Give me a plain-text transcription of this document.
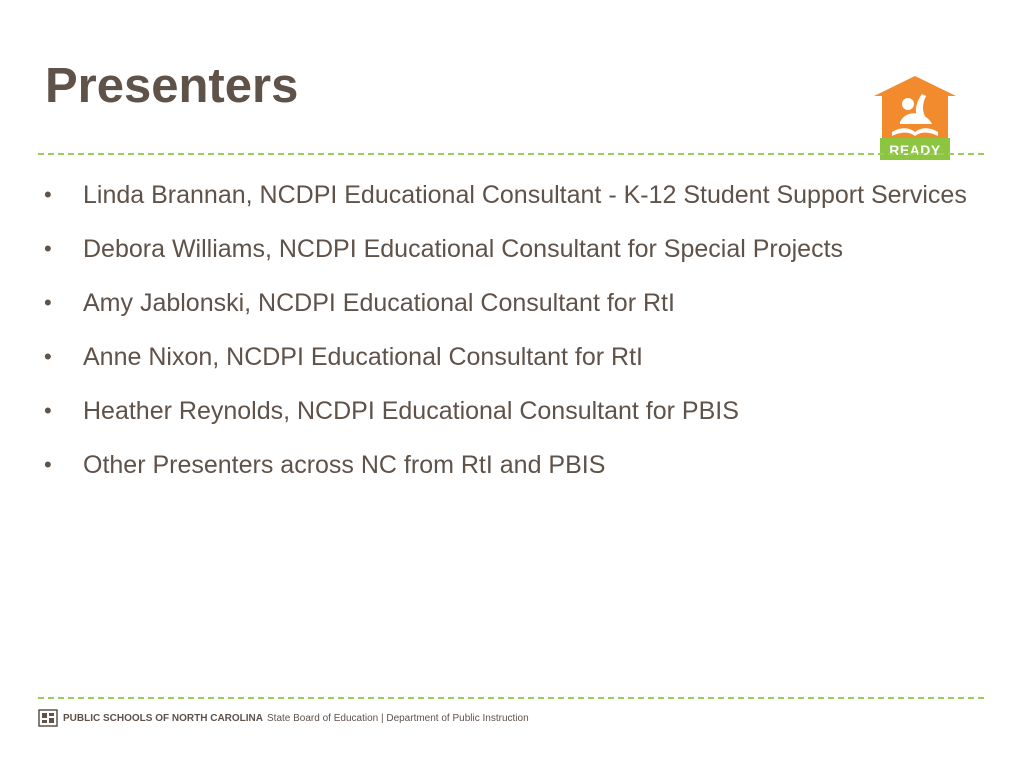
Presenters
READY
•	Linda Brannan, NCDPI Educational Consultant - K-12 Student Support Services
•	Debora Williams, NCDPI Educational Consultant for Special Projects
•	Amy Jablonski, NCDPI Educational Consultant for RtI
•	Anne Nixon, NCDPI Educational Consultant for RtI
•	Heather Reynolds, NCDPI Educational Consultant for PBIS
•	Other Presenters across NC from RtI and PBIS
PUBLIC SCHOOLS OF NORTH CAROLINA State Board of Education | Department of Public Instruction
